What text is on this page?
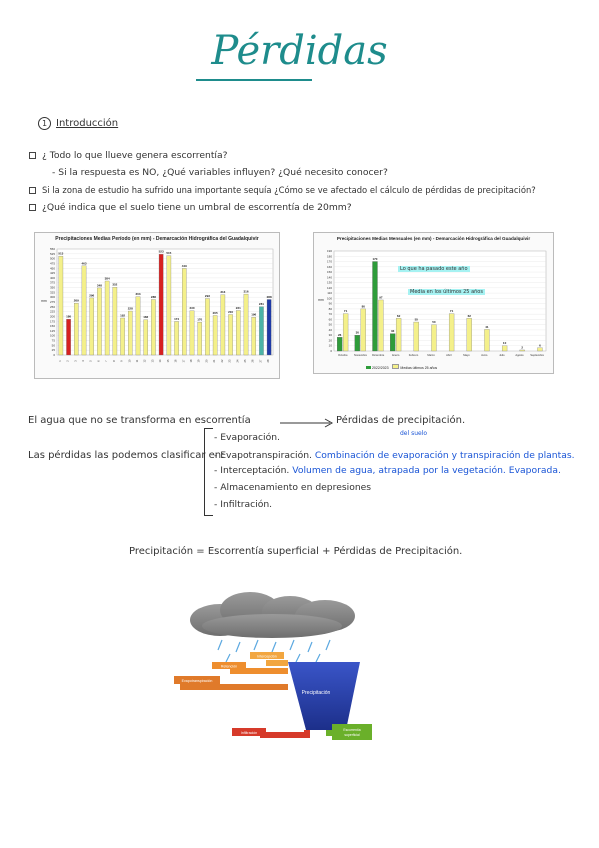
Pérdidas
1 Introducción
¿ Todo lo que llueve genera escorrentía?
- Si la respuesta es NO, ¿Qué variables influyen? ¿Qué necesito conocer?
Si la zona de estudio ha sufrido una importante sequía ¿Cómo se ve afectado el cálculo de pérdidas de precipitación?
¿Qué indica que el suelo tiene un umbral de escorrentía de 20mm?
Precipitaciones Medias Período (en mm) - Demarcación Hidrográfica del Guadalquivir
0
25
50
75
100
125
150
175
200
225
250
275
300
325
350
375
400
425
450
475
500
525
550
mm
513
1
186
2
269
3
463
4
296
5
348
6
384
7
352
8
192
9
228
10
303
11
183
12
288
13
523
14
515
15
174
16
449
17
230
18
170
19
293
20
205
21
313
22
210
23
231
24
316
25
196
26
281
27
288
28
Precipitaciones Medias Mensuales (en mm) - Demarcación Hidrográfica del Guadalquivir
0
10
20
30
40
50
60
70
80
90
100
110
120
130
140
150
160
170
180
190
mm
26
71
Octubre
30
80
Noviembre
170
97
Diciembre
33
62
Enero
55
Febrero
50
Marzo
71
Abril
62
Mayo
41
Junio
10
Julio
2
Agosto
6
Septiembre
Lo que ha pasado este año
Media en los últimos 25 años
2022/2023	Medias últimos 25 años
El agua que no se transforma en escorrentía	Pérdidas de precipitación.
Las pérdidas las podemos clasificar en:
del suelo
- Evaporación.
- Evapotranspiración. Combinación de evaporación y transpiración de plantas.
- Interceptación. Volumen de agua, atrapada por la vegetación. Evaporada.
- Almacenamiento en depresiones
- Infiltración.
Precipitación = Escorrentía superficial + Pérdidas de Precipitación.
Precipitación
Evapotranspiración
Retención
Intercepción
Infiltración
Escorrentía
superficial
